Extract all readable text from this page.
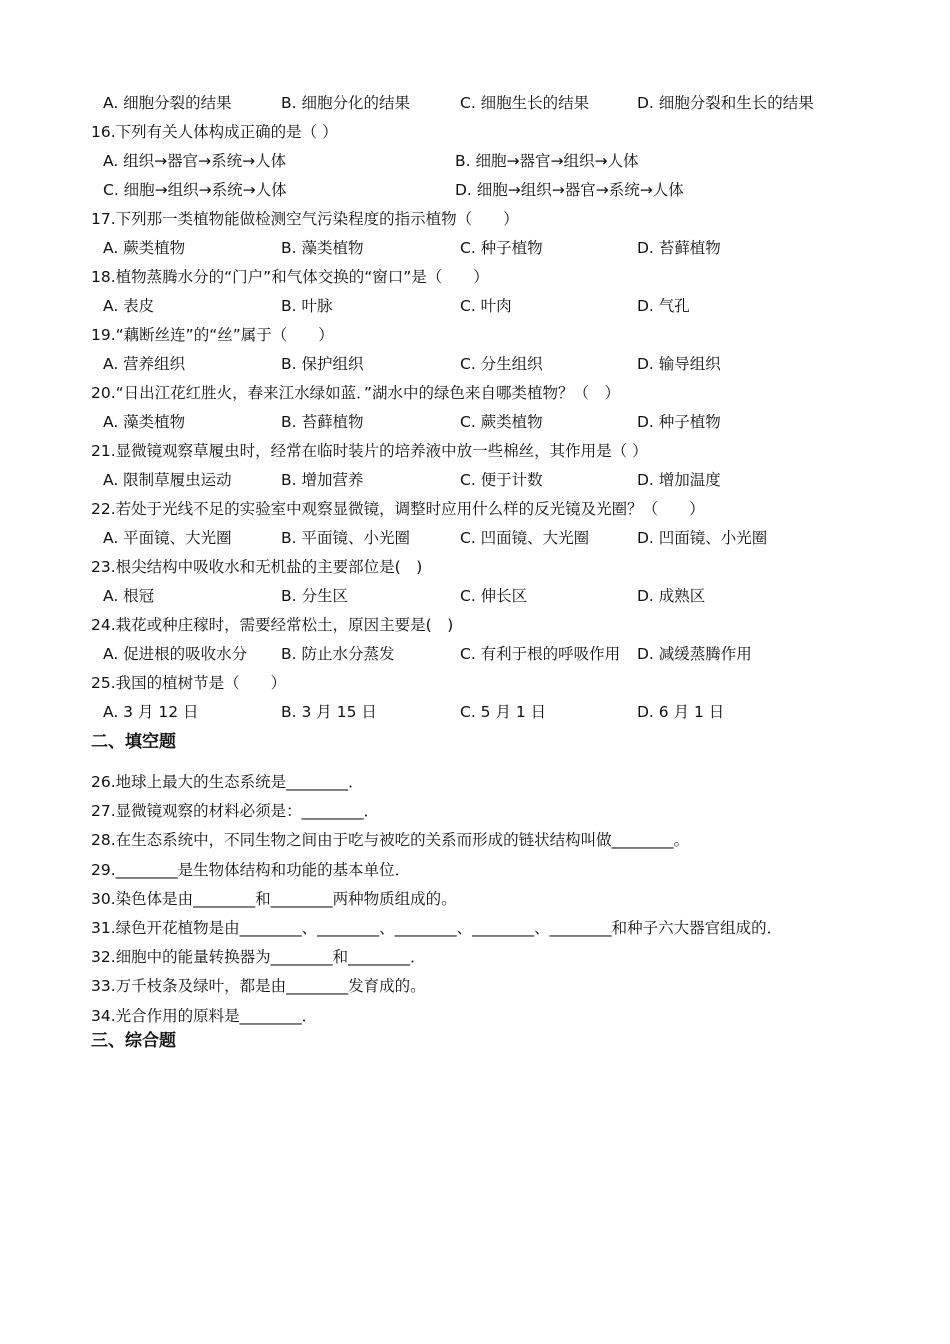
A. 细胞分裂的结果	B. 细胞分化的结果	C. 细胞生长的结果	D. 细胞分裂和生长的结果
16.下列有关人体构成正确的是（ ）
A. 组织→器官→系统→人体	B. 细胞→器官→组织→人体
C. 细胞→组织→系统→人体	D. 细胞→组织→器官→系统→人体
17.下列那一类植物能做检测空气污染程度的指示植物（　　）
A. 蕨类植物	B. 藻类植物	C. 种子植物	D. 苔藓植物
18.植物蒸腾水分的“门户”和气体交换的“窗口”是（　　）
A. 表皮	B. 叶脉	C. 叶肉	D. 气孔
19.“藕断丝连”的“丝”属于（　　）
A. 营养组织	B. 保护组织	C. 分生组织	D. 输导组织
20.“日出江花红胜火，春来江水绿如蓝．”湖水中的绿色来自哪类植物？（　）
A. 藻类植物	B. 苔藓植物	C. 蕨类植物	D. 种子植物
21.显微镜观察草履虫时，经常在临时装片的培养液中放一些棉丝，其作用是（ ）
A. 限制草履虫运动	B. 增加营养	C. 便于计数	D. 增加温度
22.若处于光线不足的实验室中观察显微镜，调整时应用什么样的反光镜及光圈？（　　）
A. 平面镜、大光圈	B. 平面镜、小光圈	C. 凹面镜、大光圈	D. 凹面镜、小光圈
23.根尖结构中吸收水和无机盐的主要部位是(　)
A. 根冠	B. 分生区	C. 伸长区	D. 成熟区
24.栽花或种庄稼时，需要经常松土，原因主要是(　)
A. 促进根的吸收水分 B. 防止水分蒸发	C. 有利于根的呼吸作用 D. 减缓蒸腾作用
25.我国的植树节是（　　）
A. 3 月 12 日	B. 3 月 15 日	C. 5 月 1 日	D. 6 月 1 日
二、填空题
26.地球上最大的生态系统是________．
27.显微镜观察的材料必须是：________．
28.在生态系统中，不同生物之间由于吃与被吃的关系而形成的链状结构叫做________。
29.________是生物体结构和功能的基本单位．
30.染色体是由________和________两种物质组成的。
31.绿色开花植物是由________、________、________、________、________和种子六大器官组成的．
32.细胞中的能量转换器为________和________．
33.万千枝条及绿叶，都是由________发育成的。
34.光合作用的原料是________．
三、综合题
